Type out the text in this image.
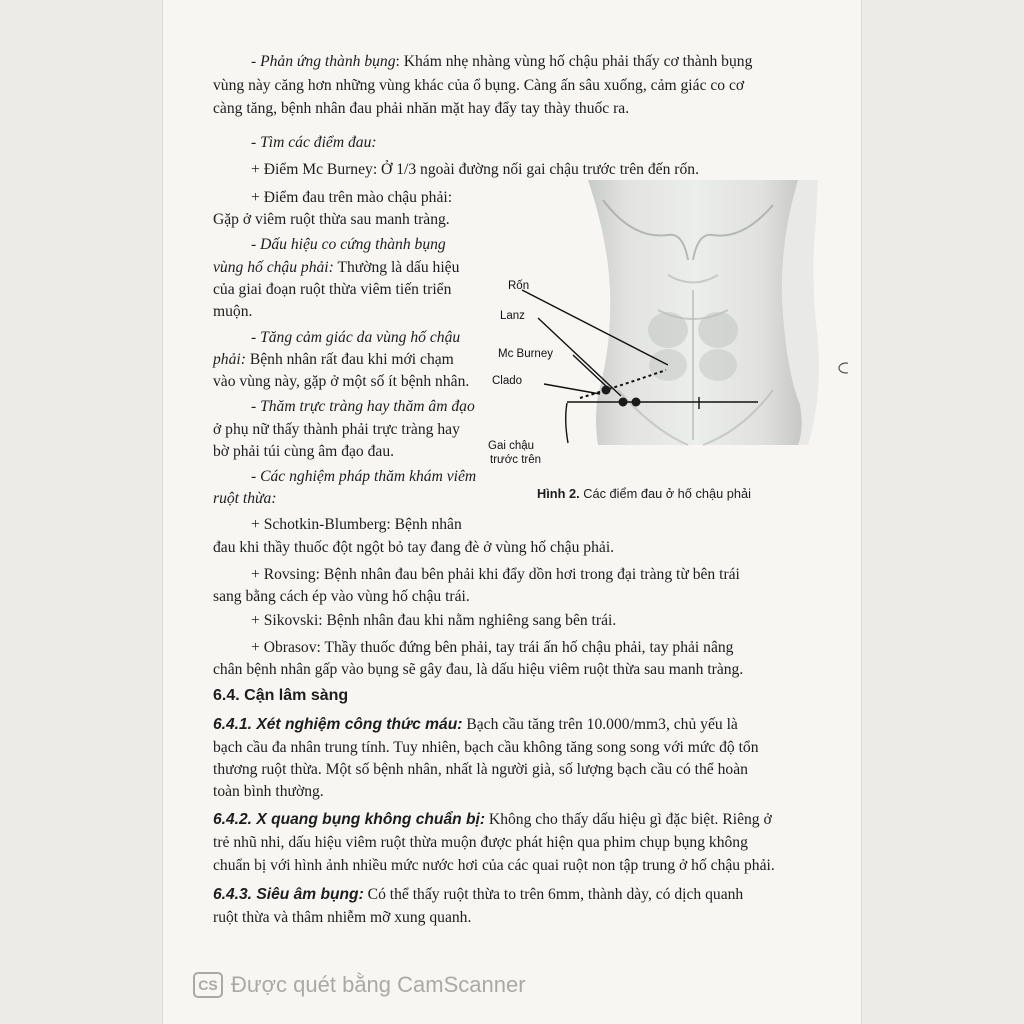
- Phản ứng thành bụng: Khám nhẹ nhàng vùng hố chậu phải thấy cơ thành bụng
vùng này căng hơn những vùng khác của ổ bụng. Càng ấn sâu xuống, cảm giác co cơ
càng tăng, bệnh nhân đau phải nhăn mặt hay đẩy tay thày thuốc ra.
- Tìm các điểm đau:
+ Điểm Mc Burney: Ở 1/3 ngoài đường nối gai chậu trước trên đến rốn.
+ Điểm đau trên mào chậu phải:
Gặp ở viêm ruột thừa sau manh tràng.
- Dấu hiệu co cứng thành bụng
vùng hố chậu phải: Thường là dấu hiệu
của giai đoạn ruột thừa viêm tiến triển
muộn.
- Tăng cảm giác da vùng hố chậu
phải: Bệnh nhân rất đau khi mới chạm
vào vùng này, gặp ở một số ít bệnh nhân.
- Thăm trực tràng hay thăm âm đạo
ở phụ nữ thấy thành phải trực tràng hay
bờ phải túi cùng âm đạo đau.
- Các nghiệm pháp thăm khám viêm
ruột thừa:
+ Schotkin-Blumberg: Bệnh nhân
đau khi thầy thuốc đột ngột bỏ tay đang đè ở vùng hố chậu phải.
+ Rovsing: Bệnh nhân đau bên phải khi đẩy dồn hơi trong đại tràng từ bên trái
sang bằng cách ép vào vùng hố chậu trái.
+ Sikovski: Bệnh nhân đau khi nằm nghiêng sang bên trái.
+ Obrasov: Thầy thuốc đứng bên phải, tay trái ấn hố chậu phải, tay phải nâng
chân bệnh nhân gấp vào bụng sẽ gây đau, là dấu hiệu viêm ruột thừa sau manh tràng.
6.4. Cận lâm sàng
6.4.1. Xét nghiệm công thức máu: Bạch cầu tăng trên 10.000/mm3, chủ yếu là
bạch cầu đa nhân trung tính. Tuy nhiên, bạch cầu không tăng song song với mức độ tổn
thương ruột thừa. Một số bệnh nhân, nhất là người già, số lượng bạch cầu có thể hoàn
toàn bình thường.
6.4.2. X quang bụng không chuẩn bị: Không cho thấy dấu hiệu gì đặc biệt. Riêng ở
trẻ nhũ nhi, dấu hiệu viêm ruột thừa muộn được phát hiện qua phim chụp bụng không
chuẩn bị với hình ảnh nhiều mức nước hơi của các quai ruột non tập trung ở hố chậu phải.
6.4.3. Siêu âm bụng: Có thể thấy ruột thừa to trên 6mm, thành dày, có dịch quanh
ruột thừa và thâm nhiễm mỡ xung quanh.
Rốn
Lanz
Mc Burney
Clado
Gai chậu
trước trên
Hình 2. Các điểm đau ở hố chậu phải
CS Được quét bằng CamScanner
